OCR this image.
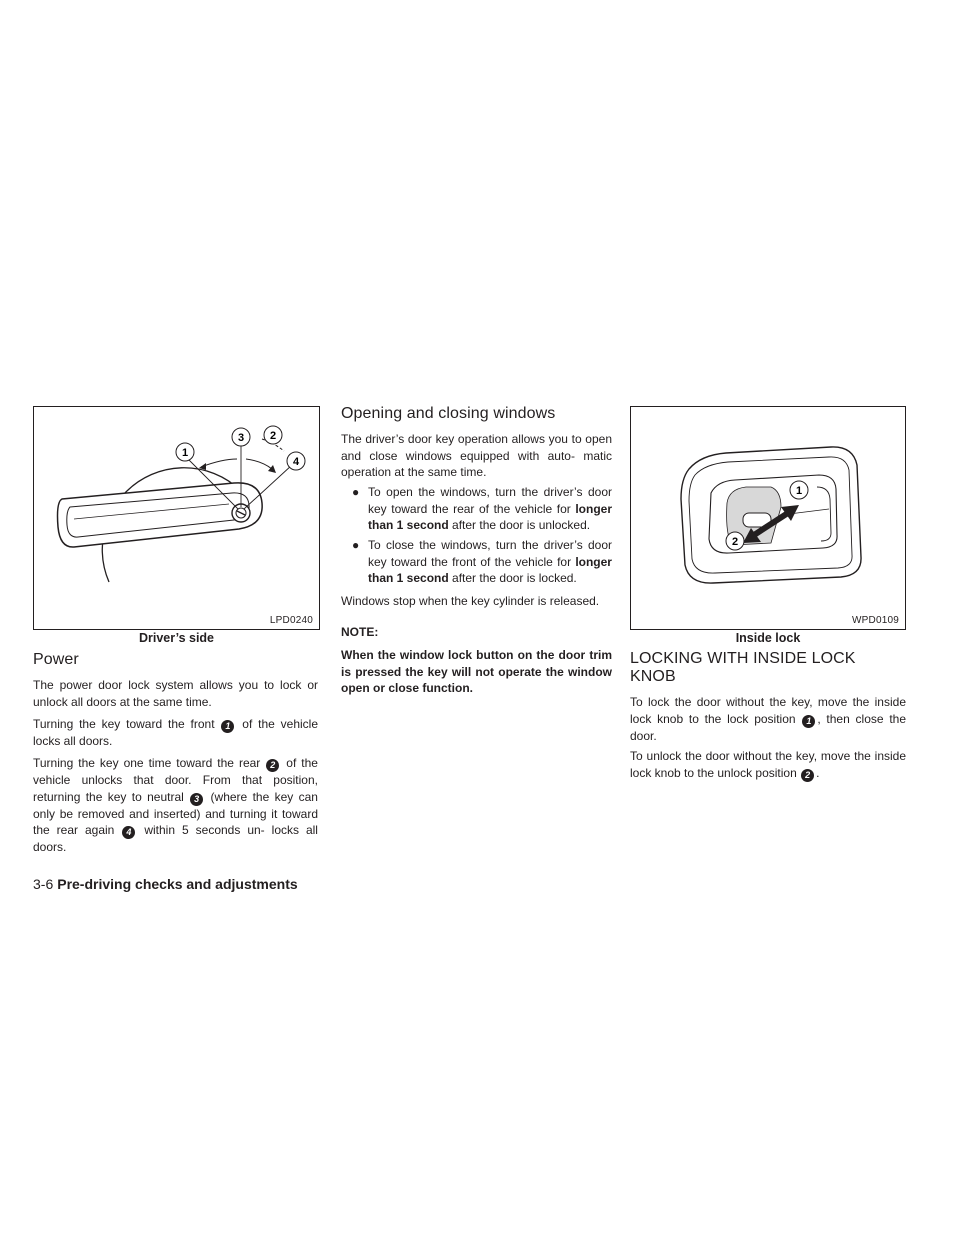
1
3 2
4
LPD0240
Driver’s side
Power

The power door lock system allows you to lock or unlock all doors at the same time.

Turning the key toward the front 1 of the vehicle locks all doors.

Turning the key one time toward the rear 2 of the vehicle unlocks that door. From that position, returning the key to neutral 3 (where the key can only be removed and inserted) and turning it toward the rear again 4 within 5 seconds un- locks all doors.

Opening and closing windows

The driver’s door key operation allows you to open and close windows equipped with auto- matic operation at the same time.

● To open the windows, turn the driver’s door key toward the rear of the vehicle for longer than 1 second after the door is unlocked.
● To close the windows, turn the driver’s door key toward the front of the vehicle for longer than 1 second after the door is locked.

Windows stop when the key cylinder is released.

NOTE:

When the window lock button on the door trim is pressed the key will not operate the window open or close function.

1
2
WPD0109
Inside lock
LOCKING WITH INSIDE LOCK KNOB

To lock the door without the key, move the inside lock knob to the lock position 1 , then close the door.

To unlock the door without the key, move the inside lock knob to the unlock position 2 .

3-6 Pre-driving checks and adjustments
